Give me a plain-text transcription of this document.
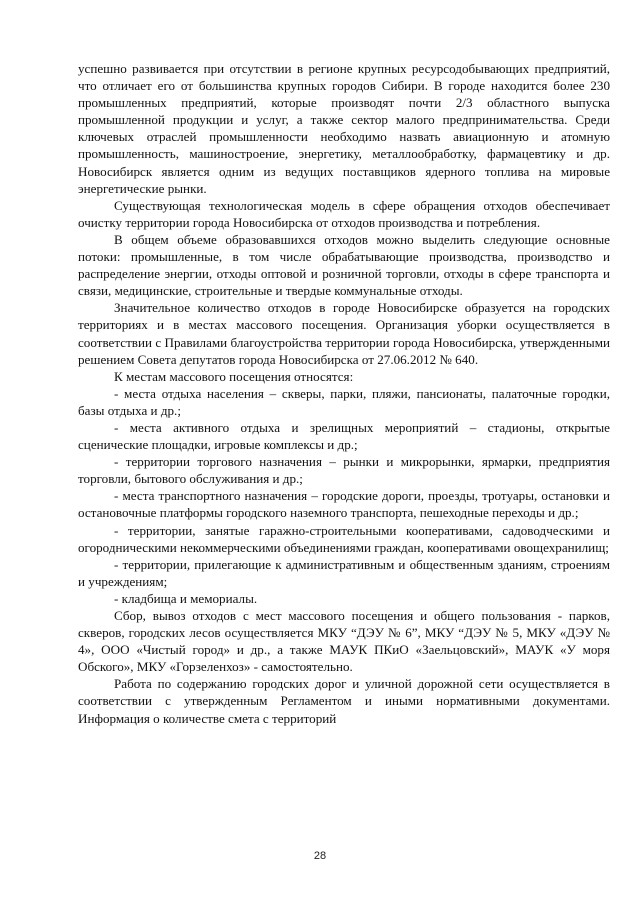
успешно развивается при отсутствии в регионе крупных ресурсодобывающих предприятий, что отличает его от большинства крупных городов Сибири. В городе находится более 230 промышленных предприятий, которые производят почти 2/3 областного выпуска промышленной продукции и услуг, а также сектор малого предпринимательства. Среди ключевых отраслей промышленности необходимо назвать авиационную и атомную промышленность, машиностроение, энергетику, металлообработку, фармацевтику и др. Новосибирск является одним из ведущих поставщиков ядерного топлива на мировые энергетические рынки.

Существующая технологическая модель в сфере обращения отходов обеспечивает очистку территории города Новосибирска от отходов производства и потребления.

В общем объеме образовавшихся отходов можно выделить следующие основные потоки: промышленные, в том числе обрабатывающие производства, производство и распределение энергии, отходы оптовой и розничной торговли, отходы в сфере транспорта и связи, медицинские, строительные и твердые коммунальные отходы.

Значительное количество отходов в городе Новосибирске образуется на городских территориях и в местах массового посещения. Организация уборки осуществляется в соответствии с Правилами благоустройства территории города Новосибирска, утвержденными решением Совета депутатов города Новосибирска от 27.06.2012 № 640.

К местам массового посещения относятся:

- места отдыха населения – скверы, парки, пляжи, пансионаты, палаточные городки, базы отдыха и др.;

- места активного отдыха и зрелищных мероприятий – стадионы, открытые сценические площадки, игровые комплексы и др.;

- территории торгового назначения – рынки и микрорынки, ярмарки, предприятия торговли, бытового обслуживания и др.;

- места транспортного назначения – городские дороги, проезды, тротуары, остановки и остановочные платформы городского наземного транспорта, пешеходные переходы и др.;

- территории, занятые гаражно-строительными кооперативами, садоводческими и огородническими некоммерческими объединениями граждан, кооперативами овощехранилищ;

- территории, прилегающие к административным и общественным зданиям, строениям и учреждениям;

- кладбища и мемориалы.

Сбор, вывоз отходов с мест массового посещения и общего пользования - парков, скверов, городских лесов осуществляется МКУ “ДЭУ № 6”, МКУ “ДЭУ № 5, МКУ «ДЭУ № 4», ООО «Чистый город» и др., а также МАУК ПКиО «Заельцовский», МАУК «У моря Обского», МКУ «Горзеленхоз» - самостоятельно.

Работа по содержанию городских дорог и уличной дорожной сети осуществляется в соответствии с утвержденным Регламентом и иными нормативными документами. Информация о количестве смета с территорий

28
